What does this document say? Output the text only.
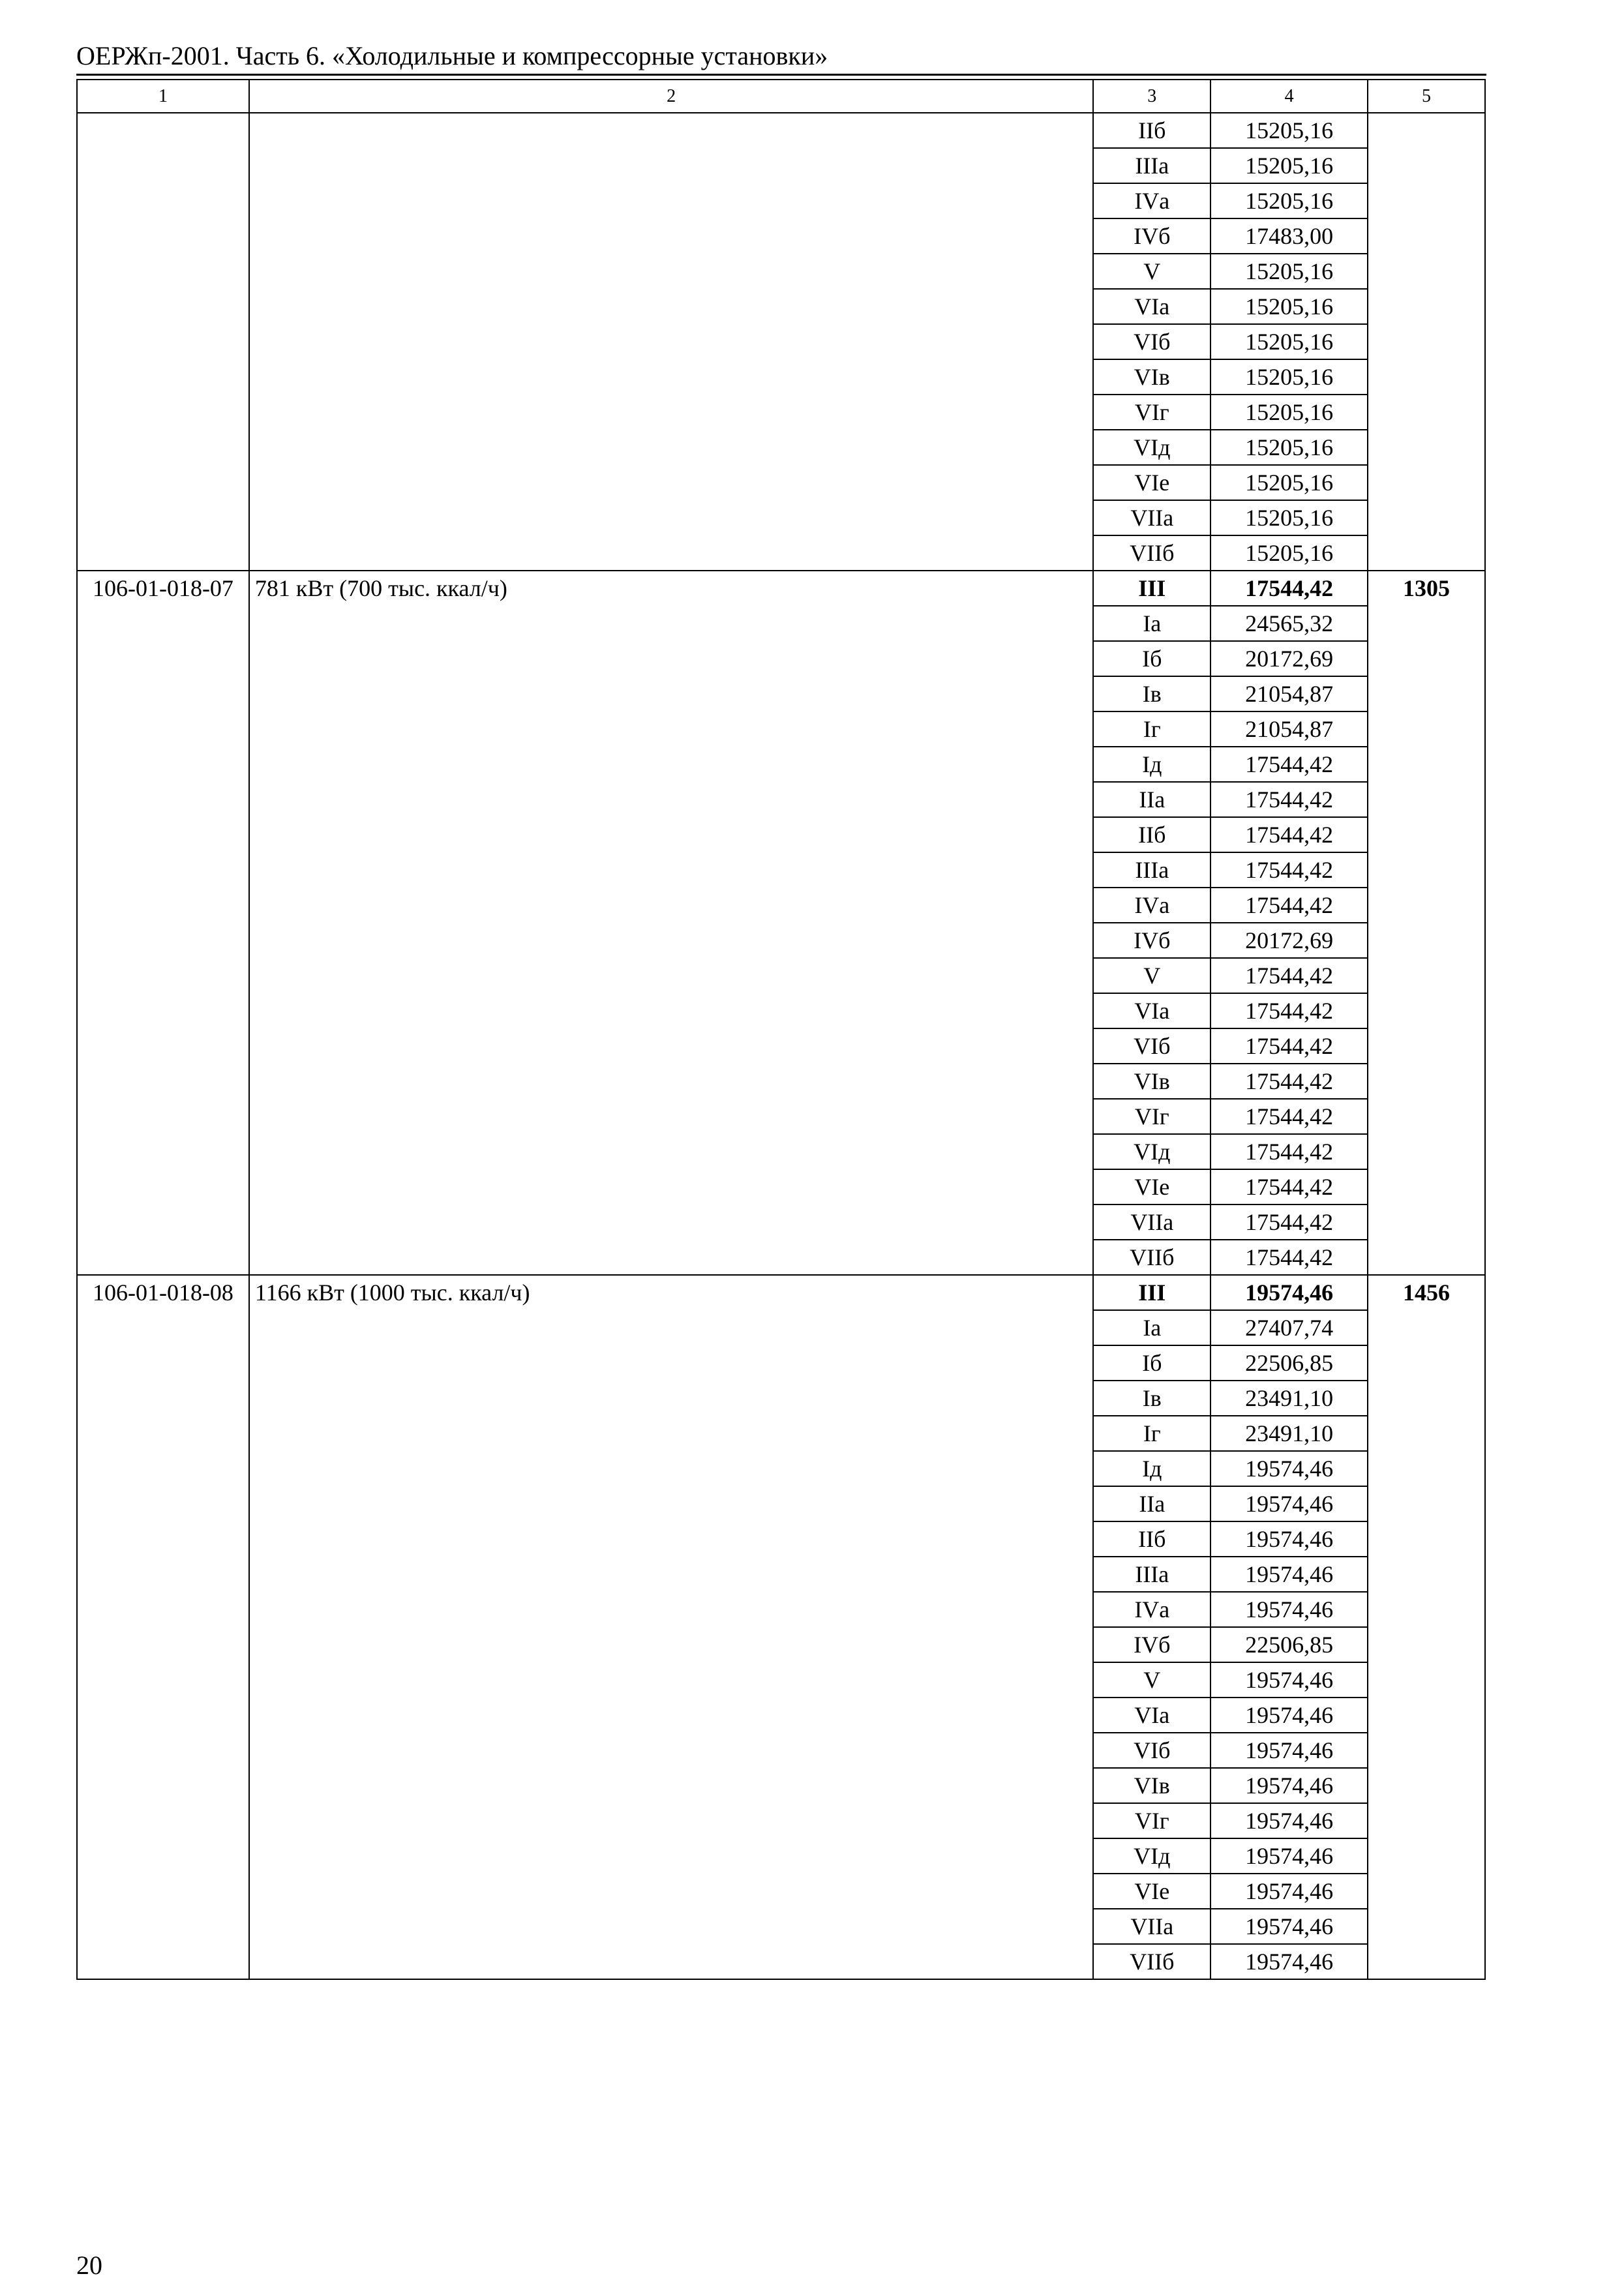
ОЕРЖп-2001. Часть 6. «Холодильные и компрессорные установки»
1	2	3	4	5
		IIб	15205,16	
		IIIа	15205,16	
		IVа	15205,16	
		IVб	17483,00	
		V	15205,16	
		VIа	15205,16	
		VIб	15205,16	
		VIв	15205,16	
		VIг	15205,16	
		VIд	15205,16	
		VIе	15205,16	
		VIIа	15205,16	
		VIIб	15205,16	
106-01-018-07	781 кВт (700 тыс. ккал/ч)	III	17544,42	1305
		Iа	24565,32	
		Iб	20172,69	
		Iв	21054,87	
		Iг	21054,87	
		Iд	17544,42	
		IIа	17544,42	
		IIб	17544,42	
		IIIа	17544,42	
		IVа	17544,42	
		IVб	20172,69	
		V	17544,42	
		VIа	17544,42	
		VIб	17544,42	
		VIв	17544,42	
		VIг	17544,42	
		VIд	17544,42	
		VIе	17544,42	
		VIIа	17544,42	
		VIIб	17544,42	
106-01-018-08	1166 кВт (1000 тыс. ккал/ч)	III	19574,46	1456
		Iа	27407,74	
		Iб	22506,85	
		Iв	23491,10	
		Iг	23491,10	
		Iд	19574,46	
		IIа	19574,46	
		IIб	19574,46	
		IIIа	19574,46	
		IVа	19574,46	
		IVб	22506,85	
		V	19574,46	
		VIа	19574,46	
		VIб	19574,46	
		VIв	19574,46	
		VIг	19574,46	
		VIд	19574,46	
		VIе	19574,46	
		VIIа	19574,46	
		VIIб	19574,46	
20
